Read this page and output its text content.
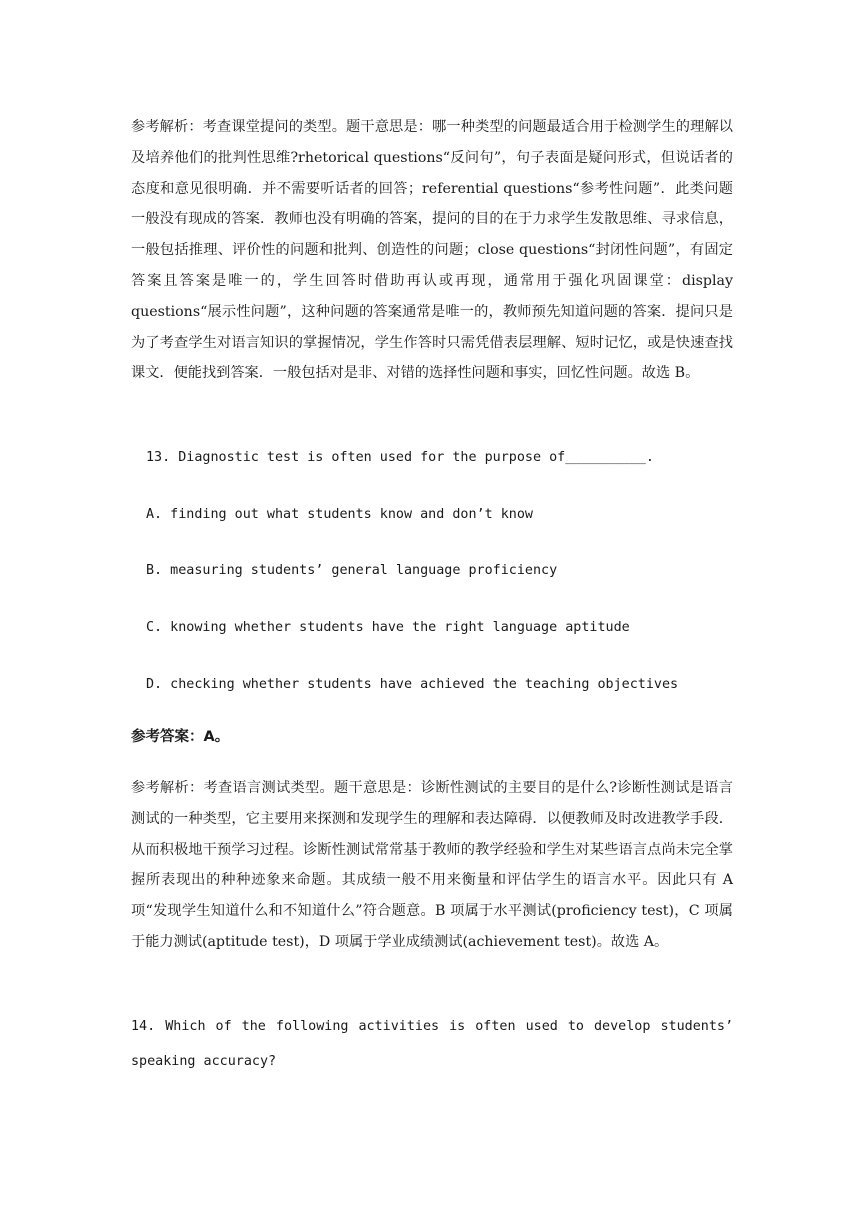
参考解析：考查课堂提问的类型。题干意思是：哪一种类型的问题最适合用于检测学生的理解以及培养他们的批判性思维?rhetorical questions“反问句”，句子表面是疑问形式，但说话者的态度和意见很明确．并不需要听话者的回答；referential questions“参考性问题”．此类问题一般没有现成的答案．教师也没有明确的答案，提问的目的在于力求学生发散思维、寻求信息，一般包括推理、评价性的问题和批判、创造性的问题；close questions“封闭性问题”，有固定答案且答案是唯一的，学生回答时借助再认或再现，通常用于强化巩固课堂：display questions“展示性问题”，这种问题的答案通常是唯一的，教师预先知道问题的答案．提问只是为了考查学生对语言知识的掌握情况，学生作答时只需凭借表层理解、短时记忆，或是快速查找课文．便能找到答案．一般包括对是非、对错的选择性问题和事实，回忆性问题。故选 B。

13. Diagnostic test is often used for the purpose of__________.

A. finding out what students know and don’t know

B. measuring students’ general language proficiency

C. knowing whether students have the right language aptitude

D. checking whether students have achieved the teaching objectives

参考答案：A。

参考解析：考查语言测试类型。题干意思是：诊断性测试的主要目的是什么?诊断性测试是语言测试的一种类型，它主要用来探测和发现学生的理解和表达障碍．以便教师及时改进教学手段．从而积极地干预学习过程。诊断性测试常常基于教师的教学经验和学生对某些语言点尚未完全掌握所表现出的种种迹象来命题。其成绩一般不用来衡量和评估学生的语言水平。因此只有 A 项“发现学生知道什么和不知道什么”符合题意。B 项属于水平测试(proficiency test)，C 项属于能力测试(aptitude test)，D 项属于学业成绩测试(achievement test)。故选 A。

14. Which of the following activities is often used to develop students’ speaking accuracy?
